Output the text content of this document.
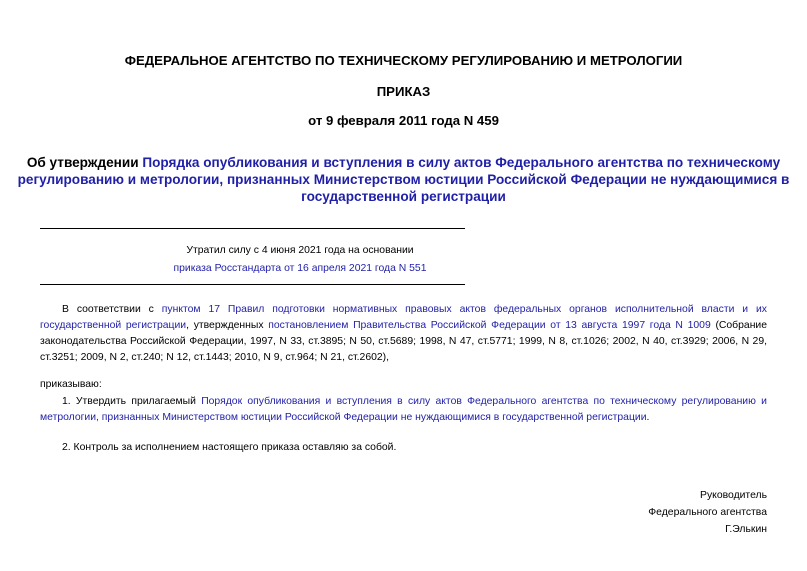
ФЕДЕРАЛЬНОЕ АГЕНТСТВО ПО ТЕХНИЧЕСКОМУ РЕГУЛИРОВАНИЮ И МЕТРОЛОГИИ
ПРИКАЗ
от 9 февраля 2011 года N 459
Об утверждении Порядка опубликования и вступления в силу актов Федерального агентства по техническому регулированию и метрологии, признанных Министерством юстиции Российской Федерации не нуждающимися в государственной регистрации
Утратил силу с 4 июня 2021 года на основании
приказа Росстандарта от 16 апреля 2021 года N 551
В соответствии с пунктом 17 Правил подготовки нормативных правовых актов федеральных органов исполнительной власти и их государственной регистрации, утвержденных постановлением Правительства Российской Федерации от 13 августа 1997 года N 1009 (Собрание законодательства Российской Федерации, 1997, N 33, ст.3895; N 50, ст.5689; 1998, N 47, ст.5771; 1999, N 8, ст.1026; 2002, N 40, ст.3929; 2006, N 29, ст.3251; 2009, N 2, ст.240; N 12, ст.1443; 2010, N 9, ст.964; N 21, ст.2602),
приказываю:
1. Утвердить прилагаемый Порядок опубликования и вступления в силу актов Федерального агентства по техническому регулированию и метрологии, признанных Министерством юстиции Российской Федерации не нуждающимися в государственной регистрации.
2. Контроль за исполнением настоящего приказа оставляю за собой.
Руководитель
Федерального агентства
Г.Элькин
